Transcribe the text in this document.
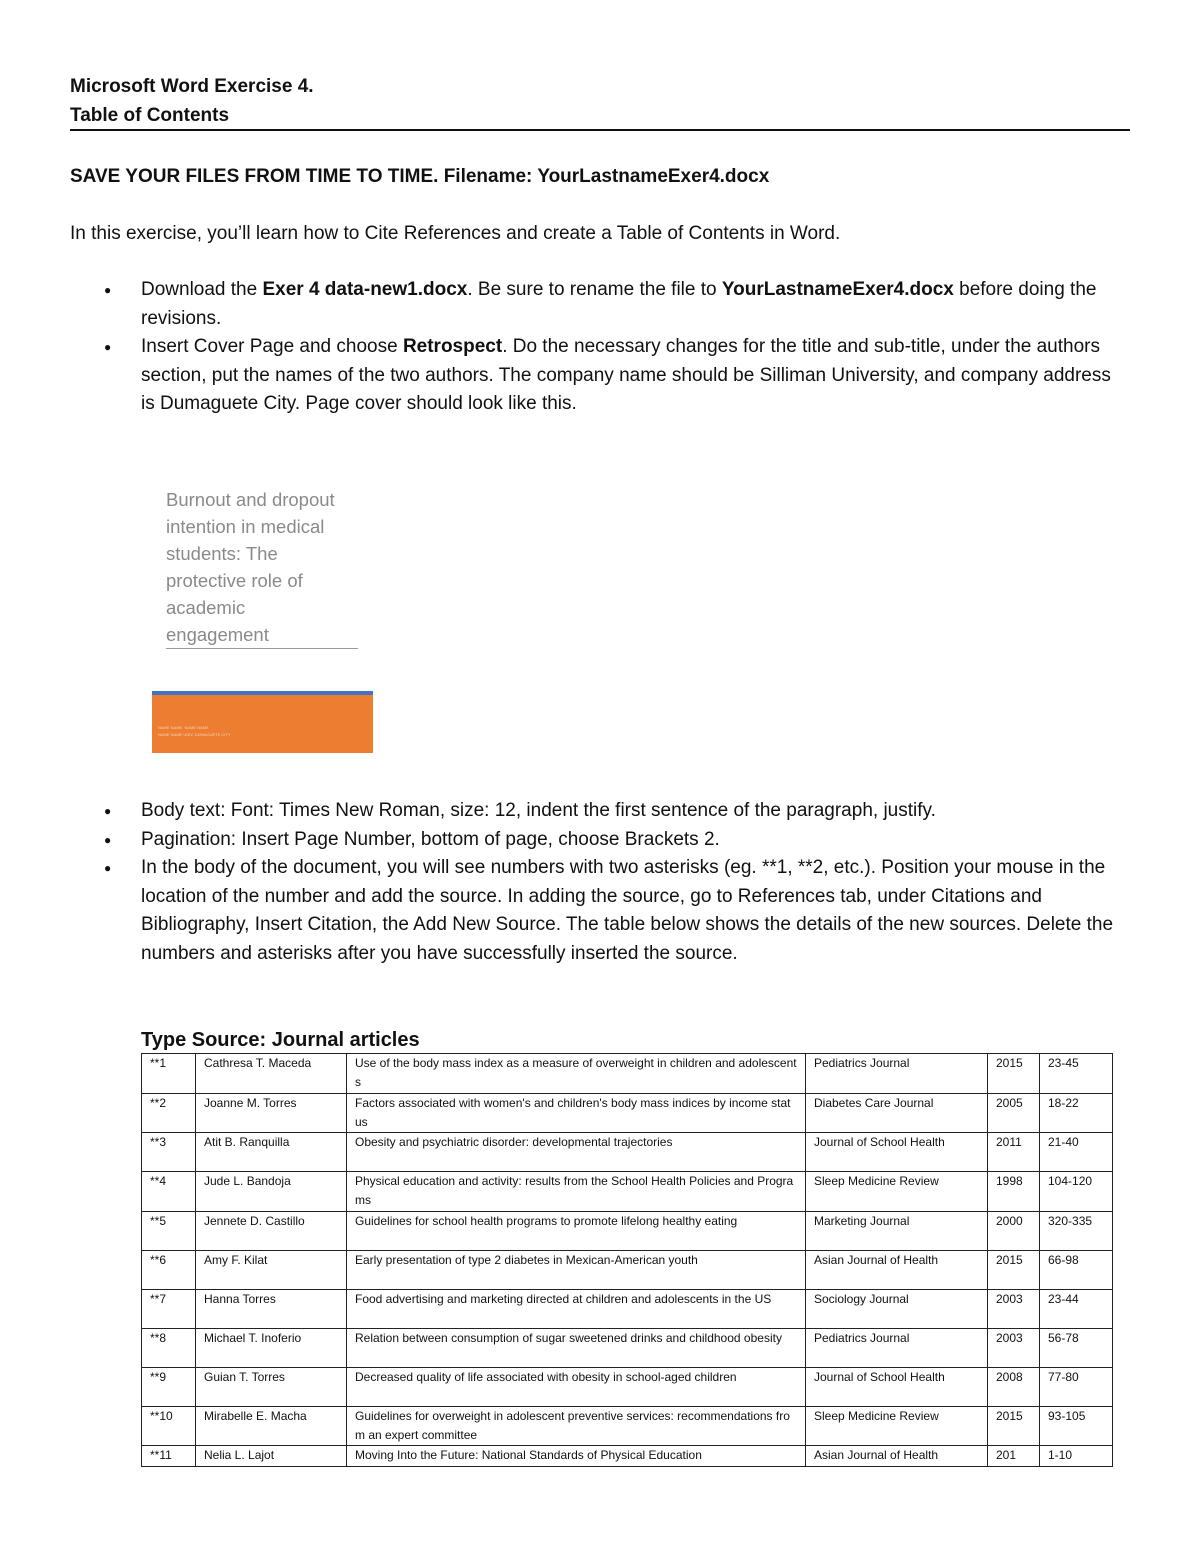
Microsoft Word Exercise 4.
Table of Contents
SAVE YOUR FILES FROM TIME TO TIME. Filename: YourLastnameExer4.docx
In this exercise, you’ll learn how to Cite References and create a Table of Contents in Word.
● Download the Exer 4 data-new1.docx. Be sure to rename the file to YourLastnameExer4.docx before doing the revisions.
● Insert Cover Page and choose Retrospect. Do the necessary changes for the title and sub-title, under the authors section, put the names of the two authors. The company name should be Silliman University, and company address is Dumaguete City. Page cover should look like this.
Burnout and dropout
intention in medical
students: The
protective role of
academic
engagement
NAME NAME, NAME NAME
NAME NAME UNIV. DUMAGUETE CITY
● Body text: Font: Times New Roman, size: 12, indent the first sentence of the paragraph, justify.
● Pagination: Insert Page Number, bottom of page, choose Brackets 2.
● In the body of the document, you will see numbers with two asterisks (eg. **1, **2, etc.). Position your mouse in the location of the number and add the source. In adding the source, go to References tab, under Citations and Bibliography, Insert Citation, the Add New Source. The table below shows the details of the new sources. Delete the numbers and asterisks after you have successfully inserted the source.
Type Source: Journal articles
**1	Cathresa T. Maceda	Use of the body mass index as a measure of overweight in children and adolescents	Pediatrics Journal	2015	23-45
**2	Joanne M. Torres	Factors associated with women's and children's body mass indices by income status	Diabetes Care Journal	2005	18-22
**3	Atit B. Ranquilla	Obesity and psychiatric disorder: developmental trajectories	Journal of School Health	2011	21-40
**4	Jude L. Bandoja	Physical education and activity: results from the School Health Policies and Programs	Sleep Medicine Review	1998	104-120
**5	Jennete D. Castillo	Guidelines for school health programs to promote lifelong healthy eating	Marketing Journal	2000	320-335
**6	Amy F. Kilat	Early presentation of type 2 diabetes in Mexican-American youth	Asian Journal of Health	2015	66-98
**7	Hanna Torres	Food advertising and marketing directed at children and adolescents in the US	Sociology Journal	2003	23-44
**8	Michael T. Inoferio	Relation between consumption of sugar sweetened drinks and childhood obesity	Pediatrics Journal	2003	56-78
**9	Guian T. Torres	Decreased quality of life associated with obesity in school-aged children	Journal of School Health	2008	77-80
**10	Mirabelle E. Macha	Guidelines for overweight in adolescent preventive services: recommendations from an expert committee	Sleep Medicine Review	2015	93-105
**11	Nelia L. Lajot	Moving Into the Future: National Standards of Physical Education	Asian Journal of Health	201	1-10
